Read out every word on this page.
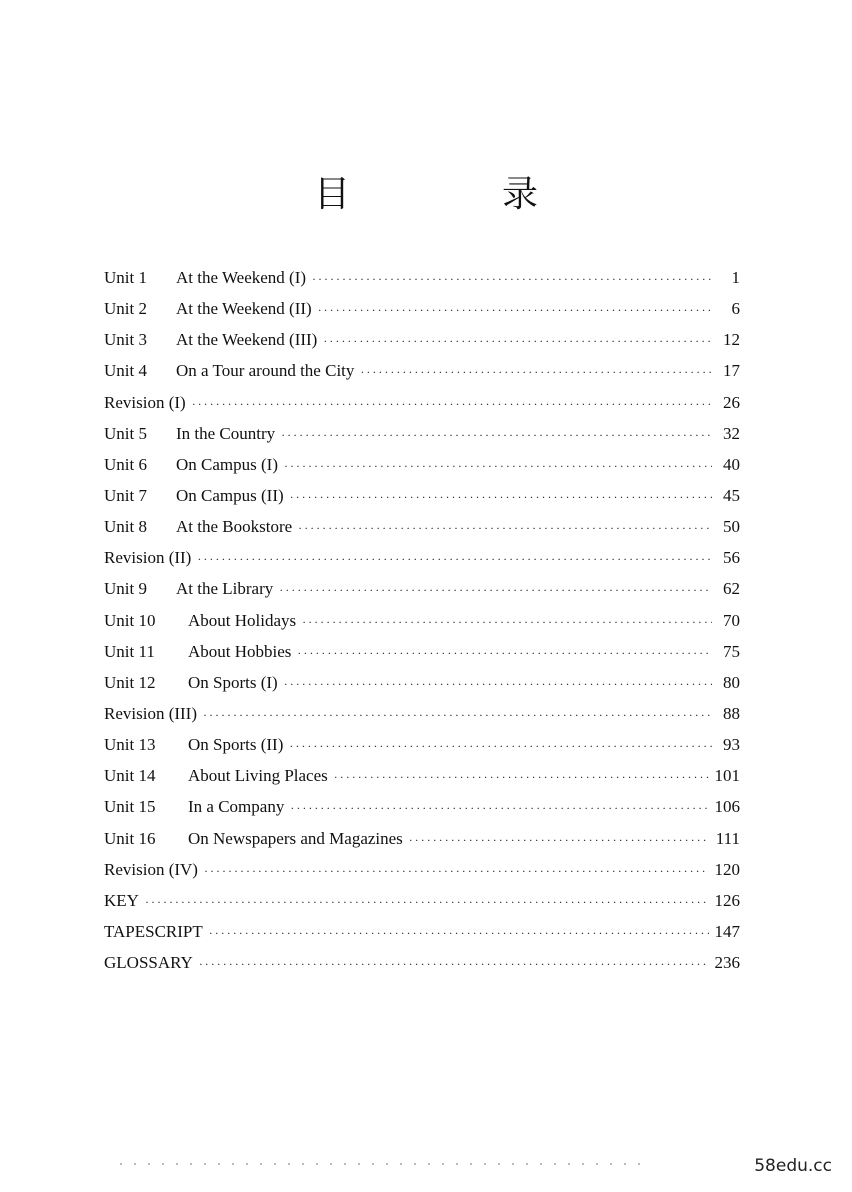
目　录
Unit 1 At the Weekend (I) ·····	1
Unit 2 At the Weekend (II) ·····	6
Unit 3 At the Weekend (III) ·····	12
Unit 4 On a Tour around the City ·····	17
Revision (I) ·····	26
Unit 5 In the Country ·····	32
Unit 6 On Campus (I) ·····	40
Unit 7 On Campus (II) ·····	45
Unit 8 At the Bookstore ·····	50
Revision (II) ·····	56
Unit 9 At the Library ·····	62
Unit 10 About Holidays ·····	70
Unit 11 About Hobbies ·····	75
Unit 12 On Sports (I) ·····	80
Revision (III) ·····	88
Unit 13 On Sports (II) ·····	93
Unit 14 About Living Places ·····	101
Unit 15 In a Company ·····	106
Unit 16 On Newspapers and Magazines ·····	111
Revision (IV) ·····	120
KEY ·····	126
TAPESCRIPT ·····	147
GLOSSARY ·····	236
58edu.cc
